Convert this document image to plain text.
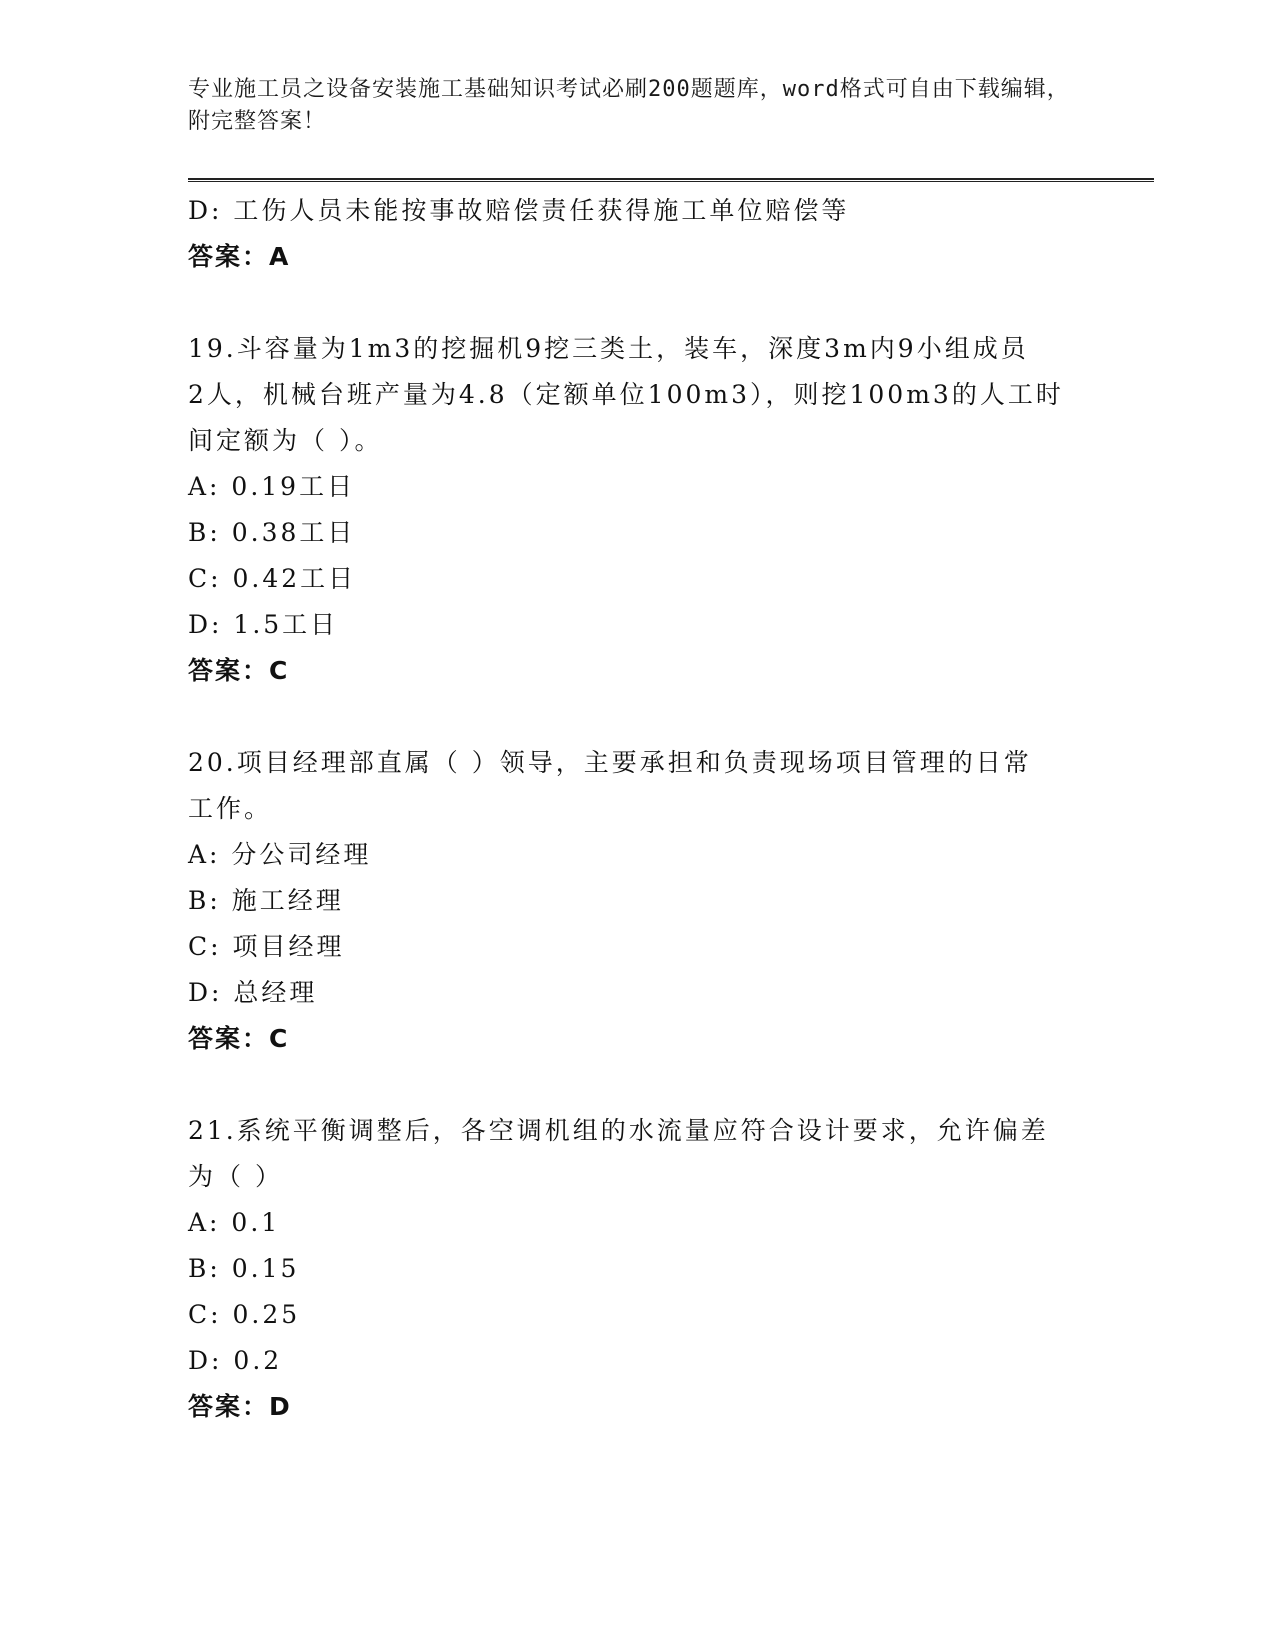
专业施工员之设备安装施工基础知识考试必刷200题题库，word格式可自由下载编辑，附完整答案！
D: 工伤人员未能按事故赔偿责任获得施工单位赔偿等
答案：A
19.斗容量为1m3的挖掘机9挖三类土，装车，深度3m内9小组成员
2人，机械台班产量为4.8（定额单位100m3），则挖100m3的人工时
间定额为（ ）。
A: 0.19工日
B: 0.38工日
C: 0.42工日
D: 1.5工日
答案：C
20.项目经理部直属（ ）领导，主要承担和负责现场项目管理的日常
工作。
A: 分公司经理
B: 施工经理
C: 项目经理
D: 总经理
答案：C
21.系统平衡调整后，各空调机组的水流量应符合设计要求，允许偏差
为（ ）
A: 0.1
B: 0.15
C: 0.25
D: 0.2
答案：D
